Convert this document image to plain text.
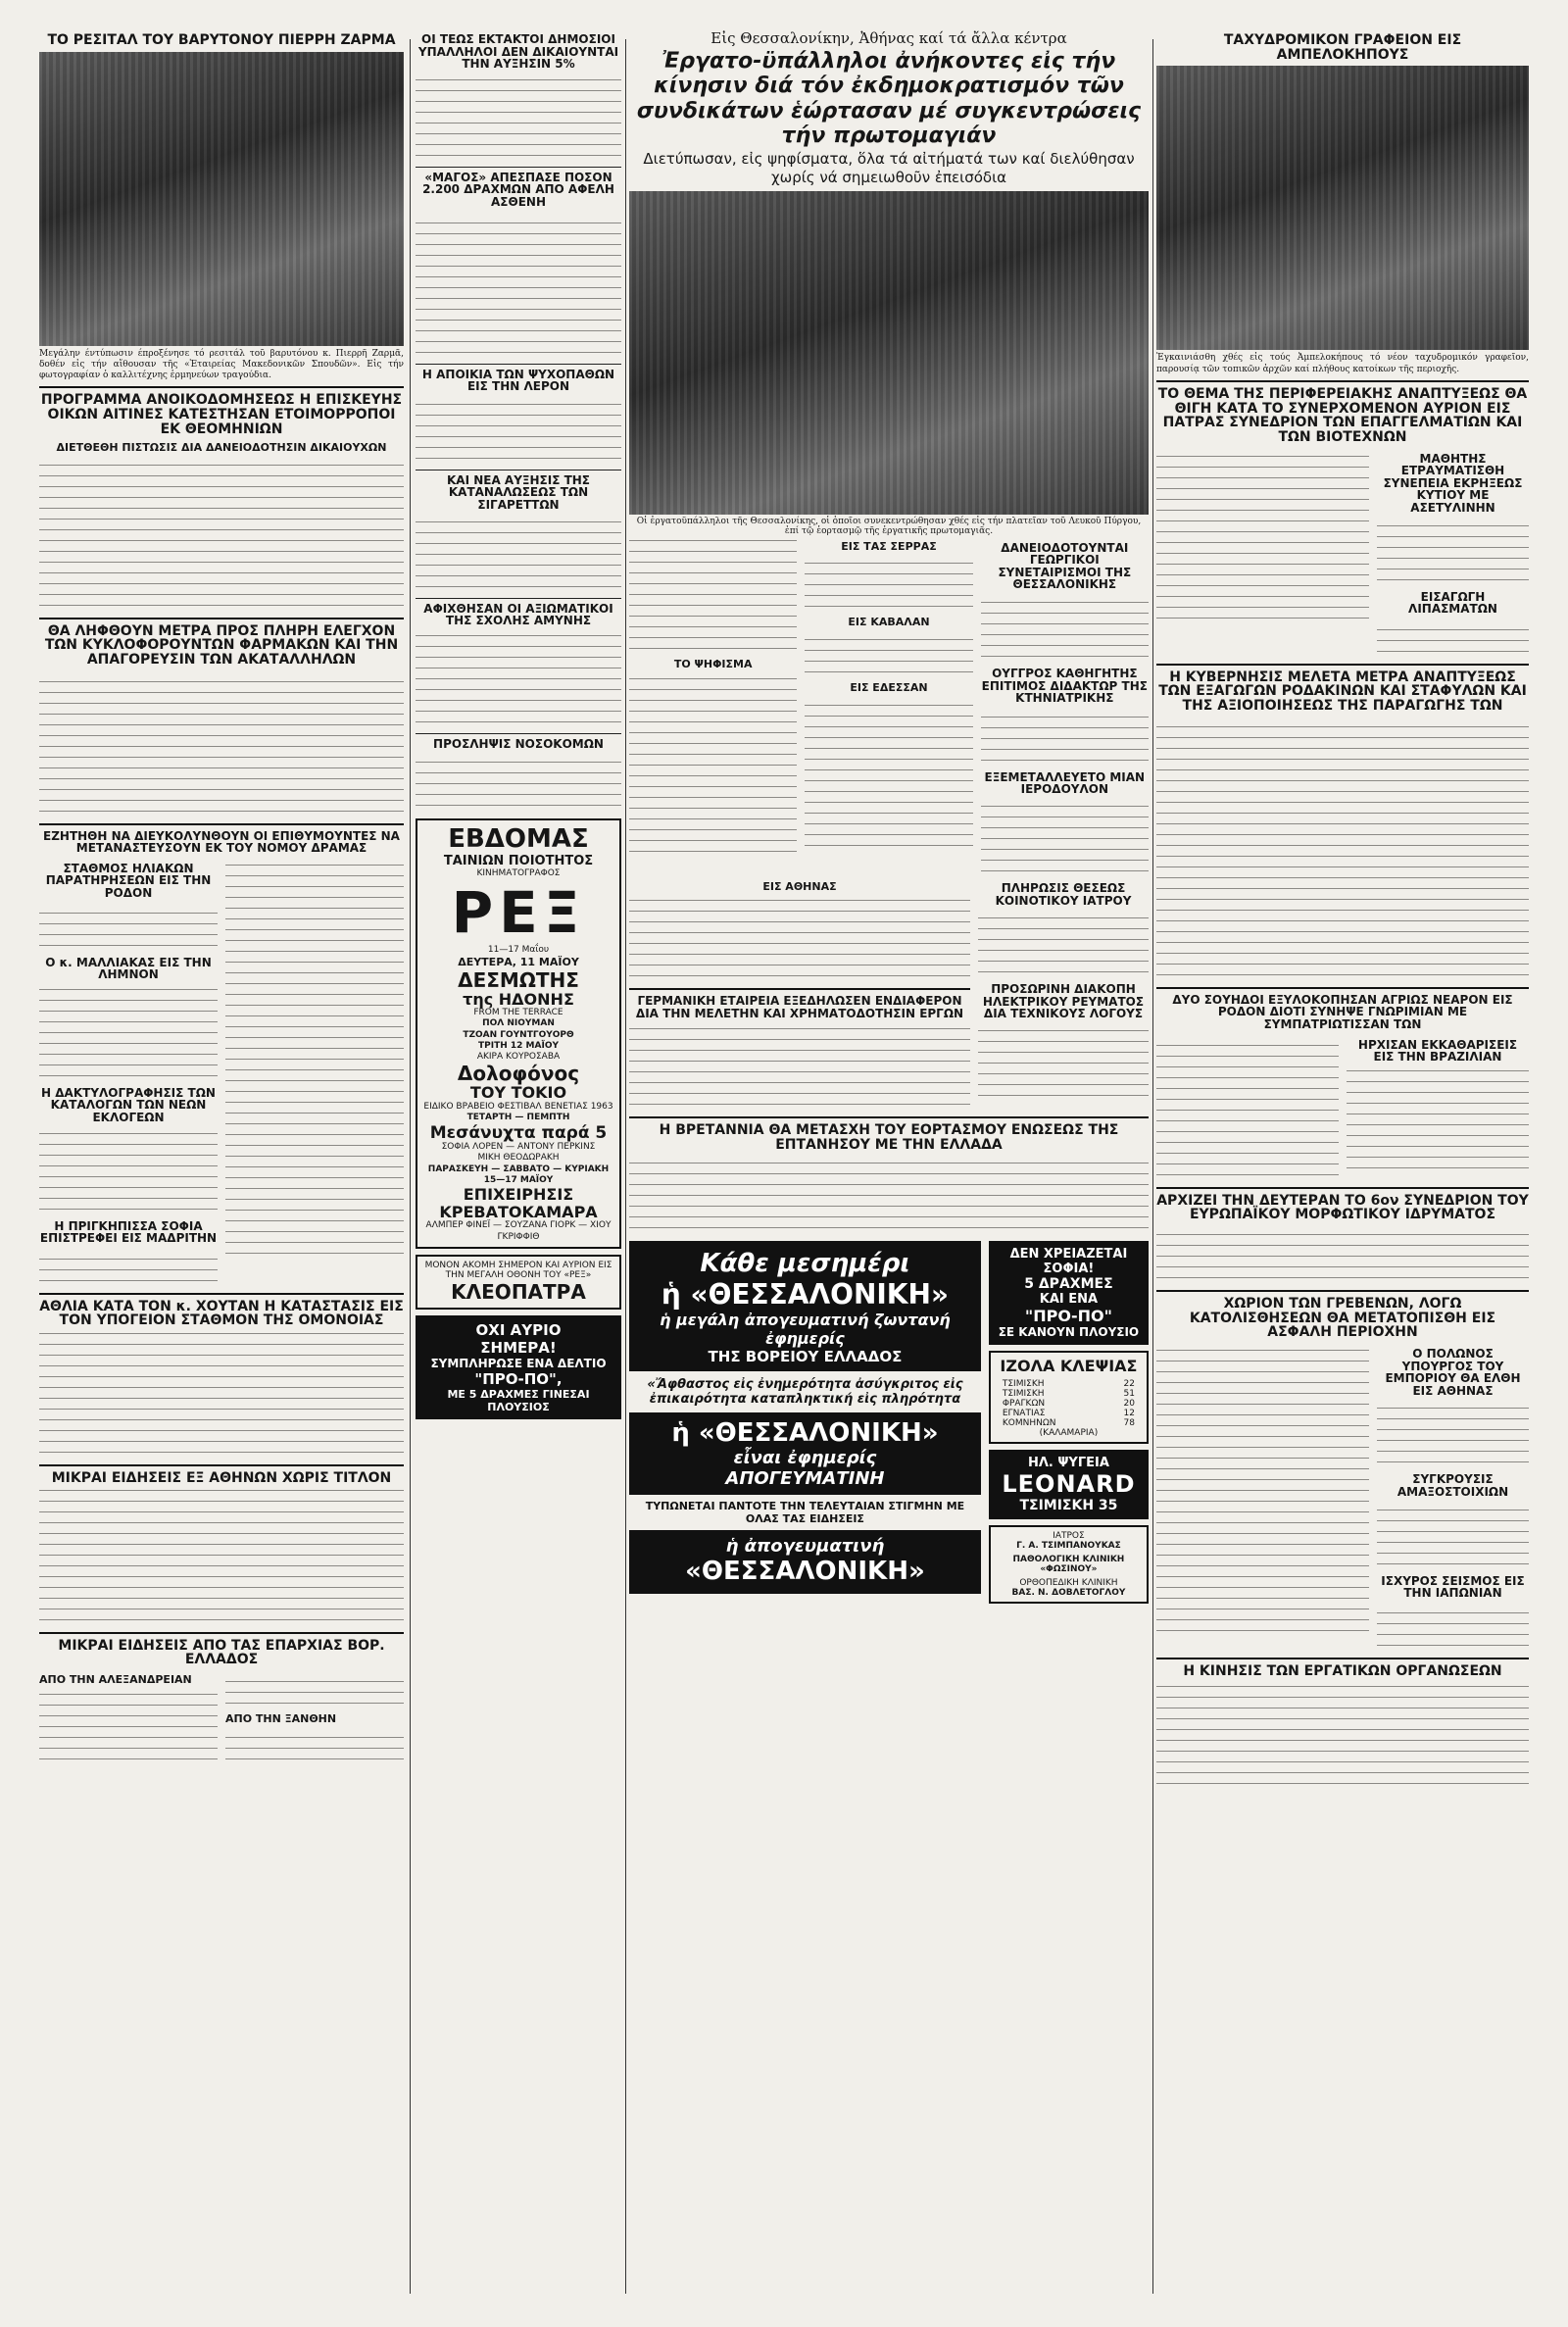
ΤΟ ΡΕΣΙΤΑΛ ΤΟΥ ΒΑΡΥΤΟΝΟΥ ΠΙΕΡΡΗ ΖΑΡΜΑ
Μεγάλην έντύπωσιν έπροξένησε τό ρεσιτάλ τοῦ βαρυτόνου κ. Πιερρῆ Ζαρμᾶ, δοθέν εἰς τήν αἴθουσαν τῆς «Ἑταιρείας Μακεδονικῶν Σπουδῶν». Εἰς τήν φωτογραφίαν ὁ καλλιτέχνης ἑρμηνεύων τραγούδια.
ΠΡΟΓΡΑΜΜΑ ΑΝΟΙΚΟΔΟΜΗΣΕΩΣ Η ΕΠΙΣΚΕΥΗΣ ΟΙΚΩΝ ΑΙΤΙΝΕΣ ΚΑΤΕΣΤΗΣΑΝ ΕΤΟΙΜΟΡΡΟΠΟΙ ΕΚ ΘΕΟΜΗΝΙΩΝ
ΔΙΕΤΘΕΘΗ ΠΙΣΤΩΣΙΣ ΔΙΑ ΔΑΝΕΙΟΔΟΤΗΣΙΝ ΔΙΚΑΙΟΥΧΩΝ
ΘΑ ΛΗΦΘΟΥΝ ΜΕΤΡΑ ΠΡΟΣ ΠΛΗΡΗ ΕΛΕΓΧΟΝ ΤΩΝ ΚΥΚΛΟΦΟΡΟΥΝΤΩΝ ΦΑΡΜΑΚΩΝ ΚΑΙ ΤΗΝ ΑΠΑΓΟΡΕΥΣΙΝ ΤΩΝ ΑΚΑΤΑΛΛΗΛΩΝ
ΕΖΗΤΗΘΗ ΝΑ ΔΙΕΥΚΟΛΥΝΘΟΥΝ ΟΙ ΕΠΙΘΥΜΟΥΝΤΕΣ ΝΑ ΜΕΤΑΝΑΣΤΕΥΣΟΥΝ ΕΚ ΤΟΥ ΝΟΜΟΥ ΔΡΑΜΑΣ
ΣΤΑΘΜΟΣ ΗΛΙΑΚΩΝ ΠΑΡΑΤΗΡΗΣΕΩΝ ΕΙΣ ΤΗΝ ΡΟΔΟΝ
Ο κ. ΜΑΛΛΙΑΚΑΣ ΕΙΣ ΤΗΝ ΛΗΜΝΟΝ
Η ΔΑΚΤΥΛΟΓΡΑΦΗΣΙΣ ΤΩΝ ΚΑΤΑΛΟΓΩΝ ΤΩΝ ΝΕΩΝ ΕΚΛΟΓΕΩΝ
Η ΠΡΙΓΚΗΠΙΣΣΑ ΣΟΦΙΑ ΕΠΙΣΤΡΕΦΕΙ ΕΙΣ ΜΑΔΡΙΤΗΝ
ΑΘΛΙΑ ΚΑΤΑ ΤΟΝ κ. ΧΟΥΤΑΝ Η ΚΑΤΑΣΤΑΣΙΣ ΕΙΣ ΤΟΝ ΥΠΟΓΕΙΟΝ ΣΤΑΘΜΟΝ ΤΗΣ ΟΜΟΝΟΙΑΣ
ΜΙΚΡΑΙ ΕΙΔΗΣΕΙΣ ΕΞ ΑΘΗΝΩΝ ΧΩΡΙΣ ΤΙΤΛΟΝ
ΜΙΚΡΑΙ ΕΙΔΗΣΕΙΣ ΑΠΟ ΤΑΣ ΕΠΑΡΧΙΑΣ ΒΟΡ. ΕΛΛΑΔΟΣ
ΑΠΟ ΤΗΝ ΑΛΕΞΑΝΔΡΕΙΑΝ
ΑΠΟ ΤΗΝ ΞΑΝΘΗΝ
ΟΙ ΤΕΩΣ ΕΚΤΑΚΤΟΙ ΔΗΜΟΣΙΟΙ ΥΠΑΛΛΗΛΟΙ ΔΕΝ ΔΙΚΑΙΟΥΝΤΑΙ ΤΗΝ ΑΥΞΗΣΙΝ 5%
«ΜΑΓΟΣ» ΑΠΕΣΠΑΣΕ ΠΟΣΟΝ 2.200 ΔΡΑΧΜΩΝ ΑΠΟ ΑΦΕΛΗ ΑΣΘΕΝΗ
Η ΑΠΟΙΚΙΑ ΤΩΝ ΨΥΧΟΠΑΘΩΝ ΕΙΣ ΤΗΝ ΛΕΡΟΝ
ΚΑΙ ΝΕΑ ΑΥΞΗΣΙΣ ΤΗΣ ΚΑΤΑΝΑΛΩΣΕΩΣ ΤΩΝ ΣΙΓΑΡΕΤΤΩΝ
ΑΦΙΧΘΗΣΑΝ ΟΙ ΑΞΙΩΜΑΤΙΚΟΙ ΤΗΣ ΣΧΟΛΗΣ ΑΜΥΝΗΣ
ΠΡΟΣΛΗΨΙΣ ΝΟΣΟΚΟΜΩΝ
ΕΒΔΟΜΑΣ
ΤΑΙΝΙΩΝ ΠΟΙΟΤΗΤΟΣ
ΚΙΝΗΜΑΤΟΓΡΑΦΟΣ
ΡΕΞ
11—17 Μαΐου
ΔΕΥΤΕΡΑ, 11 ΜΑΪΟΥ
ΔΕΣΜΩΤΗΣ
της ΗΔΟΝΗΣ
FROM THE TERRACE
ΠΟΛ ΝΙΟΥΜΑΝ
ΤΖΟΑΝ ΓΟΥΝΤΓΟΥΟΡΘ
ΤΡΙΤΗ 12 ΜΑΪΟΥ
ΑΚΙΡΑ ΚΟΥΡΟΣΑΒΑ
Δολοφόνος
ΤΟΥ ΤΟΚΙΟ
ΕΙΔΙΚΟ ΒΡΑΒΕΙΟ ΦΕΣΤΙΒΑΛ ΒΕΝΕΤΙΑΣ 1963
ΤΕΤΑΡΤΗ — ΠΕΜΠΤΗ
Μεσάνυχτα παρά 5
ΣΟΦΙΑ ΛΟΡΕΝ — ΑΝΤΟΝΥ ΠΕΡΚΙΝΣ
ΜΙΚΗ ΘΕΟΔΩΡΑΚΗ
ΠΑΡΑΣΚΕΥΗ — ΣΑΒΒΑΤΟ — ΚΥΡΙΑΚΗ 15—17 ΜΑΪΟΥ
ΕΠΙΧΕΙΡΗΣΙΣ ΚΡΕΒΑΤΟΚΑΜΑΡΑ
ΑΛΜΠΕΡ ΦΙΝΕΪ — ΣΟΥΖΑΝΑ ΓΙΟΡΚ — ΧΙΟΥ ΓΚΡΙΦΦΙΘ
ΜΟΝΟΝ ΑΚΟΜΗ ΣΗΜΕΡΟΝ ΚΑΙ ΑΥΡΙΟΝ ΕΙΣ ΤΗΝ ΜΕΓΑΛΗ ΟΘΟΝΗ ΤΟΥ «ΡΕΞ»
ΚΛΕΟΠΑΤΡΑ
ΟΧΙ ΑΥΡΙΟ
ΣΗΜΕΡΑ!
ΣΥΜΠΛΗΡΩΣΕ ΕΝΑ ΔΕΛΤΙΟ
"ΠΡΟ-ΠΟ",
ΜΕ 5 ΔΡΑΧΜΕΣ ΓΙΝΕΣΑΙ ΠΛΟΥΣΙΟΣ
Εἰς Θεσσαλονίκην, Ἀθήνας καί τά ἄλλα κέντρα
Ἐργατο-ϋπάλληλοι ἀνήκοντες εἰς τήν κίνησιν διά τόν ἐκδημοκρατισμόν τῶν συνδικάτων ἑώρτασαν μέ συγκεντρώσεις τήν πρωτομαγιάν
Διετύπωσαν, εἰς ψηφίσματα, ὅλα τά αἰτήματά των καί διελύθησαν χωρίς νά σημειωθοῦν ἐπεισόδια
Οἱ ἐργατοϋπάλληλοι τῆς Θεσσαλονίκης, οἱ ὁποῖοι συνεκεντρώθησαν χθές εἰς τήν πλατεῖαν τοῦ Λευκοῦ Πύργου, ἐπί τῷ ἑορτασμῷ τῆς ἐργατικῆς πρωτομαγιᾶς.
ΤΟ ΨΗΦΙΣΜΑ
ΕΙΣ ΤΑΣ ΣΕΡΡΑΣ
ΕΙΣ ΚΑΒΑΛΑΝ
ΕΙΣ ΕΔΕΣΣΑΝ
ΔΑΝΕΙΟΔΟΤΟΥΝΤΑΙ ΓΕΩΡΓΙΚΟΙ ΣΥΝΕΤΑΙΡΙΣΜΟΙ ΤΗΣ ΘΕΣΣΑΛΟΝΙΚΗΣ
ΟΥΓΓΡΟΣ ΚΑΘΗΓΗΤΗΣ ΕΠΙΤΙΜΟΣ ΔΙΔΑΚΤΩΡ ΤΗΣ ΚΤΗΝΙΑΤΡΙΚΗΣ
ΕΞΕΜΕΤΑΛΛΕΥΕΤΟ ΜΙΑΝ ΙΕΡΟΔΟΥΛΟΝ
ΕΙΣ ΑΘΗΝΑΣ
ΓΕΡΜΑΝΙΚΗ ΕΤΑΙΡΕΙΑ ΕΞΕΔΗΛΩΣΕΝ ΕΝΔΙΑΦΕΡΟΝ ΔΙΑ ΤΗΝ ΜΕΛΕΤΗΝ ΚΑΙ ΧΡΗΜΑΤΟΔΟΤΗΣΙΝ ΕΡΓΩΝ
ΠΛΗΡΩΣΙΣ ΘΕΣΕΩΣ ΚΟΙΝΟΤΙΚΟΥ ΙΑΤΡΟΥ
ΠΡΟΣΩΡΙΝΗ ΔΙΑΚΟΠΗ ΗΛΕΚΤΡΙΚΟΥ ΡΕΥΜΑΤΟΣ ΔΙΑ ΤΕΧΝΙΚΟΥΣ ΛΟΓΟΥΣ
Η ΒΡΕΤΑΝΝΙΑ ΘΑ ΜΕΤΑΣΧΗ ΤΟΥ ΕΟΡΤΑΣΜΟΥ ΕΝΩΣΕΩΣ ΤΗΣ ΕΠΤΑΝΗΣΟΥ ΜΕ ΤΗΝ ΕΛΛΑΔΑ
Κάθε μεσημέρι
ἡ «ΘΕΣΣΑΛΟΝΙΚΗ»
ἡ μεγάλη ἀπογευματινή ζωντανή ἐφημερίς
ΤΗΣ ΒΟΡΕΙΟΥ ΕΛΛΑΔΟΣ
«Ἄφθαστος εἰς ἐνημερότητα ἀσύγκριτος εἰς ἐπικαιρότητα καταπληκτική εἰς πληρότητα
ἡ «ΘΕΣΣΑΛΟΝΙΚΗ»
εἶναι ἐφημερίς
ΑΠΟΓΕΥΜΑΤΙΝΗ
ΤΥΠΩΝΕΤΑΙ ΠΑΝΤΟΤΕ ΤΗΝ ΤΕΛΕΥΤΑΙΑΝ ΣΤΙΓΜΗΝ ΜΕ ΟΛΑΣ ΤΑΣ ΕΙΔΗΣΕΙΣ
ἡ ἀπογευματινή
«ΘΕΣΣΑΛΟΝΙΚΗ»
ΔΕΝ ΧΡΕΙΑΖΕΤΑΙ ΣΟΦΙΑ!
5 ΔΡΑΧΜΕΣ
ΚΑΙ ΕΝΑ
"ΠΡΟ-ΠΟ"
ΣΕ ΚΑΝΟΥΝ ΠΛΟΥΣΙΟ
ΙΖΟΛΑ ΚΛΕΨΙΑΣ
ΤΣΙΜΙΣΚΗ	22
ΤΣΙΜΙΣΚΗ	51
ΦΡΑΓΚΩΝ	20
ΕΓΝΑΤΙΑΣ	12
ΚΟΜΝΗΝΩΝ	78
(ΚΑΛΑΜΑΡΙΑ)
ΗΛ. ΨΥΓΕΙΑ
LEONARD
ΤΣΙΜΙΣΚΗ 35
ΙΑΤΡΟΣ
Γ. Α. ΤΣΙΜΠΑΝΟΥΚΑΣ
ΠΑΘΟΛΟΓΙΚΗ ΚΛΙΝΙΚΗ «ΦΩΣΙΝΟΥ»
ΟΡΘΟΠΕΔΙΚΗ ΚΛΙΝΙΚΗ
ΒΑΣ. Ν. ΔΟΒΛΕΤΟΓΛΟΥ
ΤΑΧΥΔΡΟΜΙΚΟΝ ΓΡΑΦΕΙΟΝ ΕΙΣ ΑΜΠΕΛΟΚΗΠΟΥΣ
Ἐγκαινιάσθη χθές εἰς τούς Ἀμπελοκήπους τό νέον ταχυδρομικόν γραφεῖον, παρουσίᾳ τῶν τοπικῶν ἀρχῶν καί πλήθους κατοίκων τῆς περιοχῆς.
ΤΟ ΘΕΜΑ ΤΗΣ ΠΕΡΙΦΕΡΕΙΑΚΗΣ ΑΝΑΠΤΥΞΕΩΣ ΘΑ ΘΙΓΗ ΚΑΤΑ ΤΟ ΣΥΝΕΡΧΟΜΕΝΟΝ ΑΥΡΙΟΝ ΕΙΣ ΠΑΤΡΑΣ ΣΥΝΕΔΡΙΟΝ ΤΩΝ ΕΠΑΓΓΕΛΜΑΤΙΩΝ ΚΑΙ ΤΩΝ ΒΙΟΤΕΧΝΩΝ
ΜΑΘΗΤΗΣ ΕΤΡΑΥΜΑΤΙΣΘΗ ΣΥΝΕΠΕΙΑ ΕΚΡΗΞΕΩΣ ΚΥΤΙΟΥ ΜΕ ΑΣΕΤΥΛΙΝΗΝ
ΕΙΣΑΓΩΓΗ ΛΙΠΑΣΜΑΤΩΝ
Η ΚΥΒΕΡΝΗΣΙΣ ΜΕΛΕΤΑ ΜΕΤΡΑ ΑΝΑΠΤΥΞΕΩΣ ΤΩΝ ΕΞΑΓΩΓΩΝ ΡΟΔΑΚΙΝΩΝ ΚΑΙ ΣΤΑΦΥΛΩΝ ΚΑΙ ΤΗΣ ΑΞΙΟΠΟΙΗΣΕΩΣ ΤΗΣ ΠΑΡΑΓΩΓΗΣ ΤΩΝ
ΔΥΟ ΣΟΥΗΔΟΙ ΕΞΥΛΟΚΟΠΗΣΑΝ ΑΓΡΙΩΣ ΝΕΑΡΟΝ ΕΙΣ ΡΟΔΟΝ ΔΙΟΤΙ ΣΥΝΗΨΕ ΓΝΩΡΙΜΙΑΝ ΜΕ ΣΥΜΠΑΤΡΙΩΤΙΣΣΑΝ ΤΩΝ
ΗΡΧΙΣΑΝ ΕΚΚΑΘΑΡΙΣΕΙΣ ΕΙΣ ΤΗΝ ΒΡΑΖΙΛΙΑΝ
ΑΡΧΙΖΕΙ ΤΗΝ ΔΕΥΤΕΡΑΝ ΤΟ 6ον ΣΥΝΕΔΡΙΟΝ ΤΟΥ ΕΥΡΩΠΑΪΚΟΥ ΜΟΡΦΩΤΙΚΟΥ ΙΔΡΥΜΑΤΟΣ
ΧΩΡΙΟΝ ΤΩΝ ΓΡΕΒΕΝΩΝ, ΛΟΓΩ ΚΑΤΟΛΙΣΘΗΣΕΩΝ ΘΑ ΜΕΤΑΤΟΠΙΣΘΗ ΕΙΣ ΑΣΦΑΛΗ ΠΕΡΙΟΧΗΝ
Ο ΠΟΛΩΝΟΣ ΥΠΟΥΡΓΟΣ ΤΟΥ ΕΜΠΟΡΙΟΥ ΘΑ ΕΛΘΗ ΕΙΣ ΑΘΗΝΑΣ
ΣΥΓΚΡΟΥΣΙΣ ΑΜΑΞΟΣΤΟΙΧΙΩΝ
ΙΣΧΥΡΟΣ ΣΕΙΣΜΟΣ ΕΙΣ ΤΗΝ ΙΑΠΩΝΙΑΝ
Η ΚΙΝΗΣΙΣ ΤΩΝ ΕΡΓΑΤΙΚΩΝ ΟΡΓΑΝΩΣΕΩΝ
